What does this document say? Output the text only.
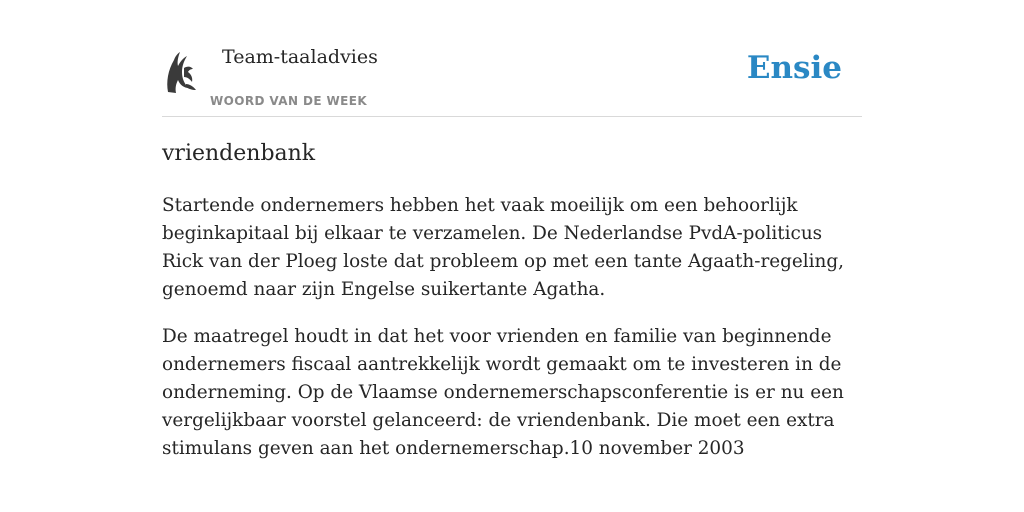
Team-taaladvies
WOORD VAN DE WEEK
Ensie
vriendenbank

Startende ondernemers hebben het vaak moeilijk om een behoorlijk beginkapitaal bij elkaar te verzamelen. De Nederlandse PvdA-politicus Rick van der Ploeg loste dat probleem op met een tante Agaath-regeling, genoemd naar zijn Engelse suikertante Agatha.

De maatregel houdt in dat het voor vrienden en familie van beginnende ondernemers fiscaal aantrekkelijk wordt gemaakt om te investeren in de onderneming. Op de Vlaamse ondernemerschapsconferentie is er nu een vergelijkbaar voorstel gelanceerd: de vriendenbank. Die moet een extra stimulans geven aan het ondernemerschap.10 november 2003
